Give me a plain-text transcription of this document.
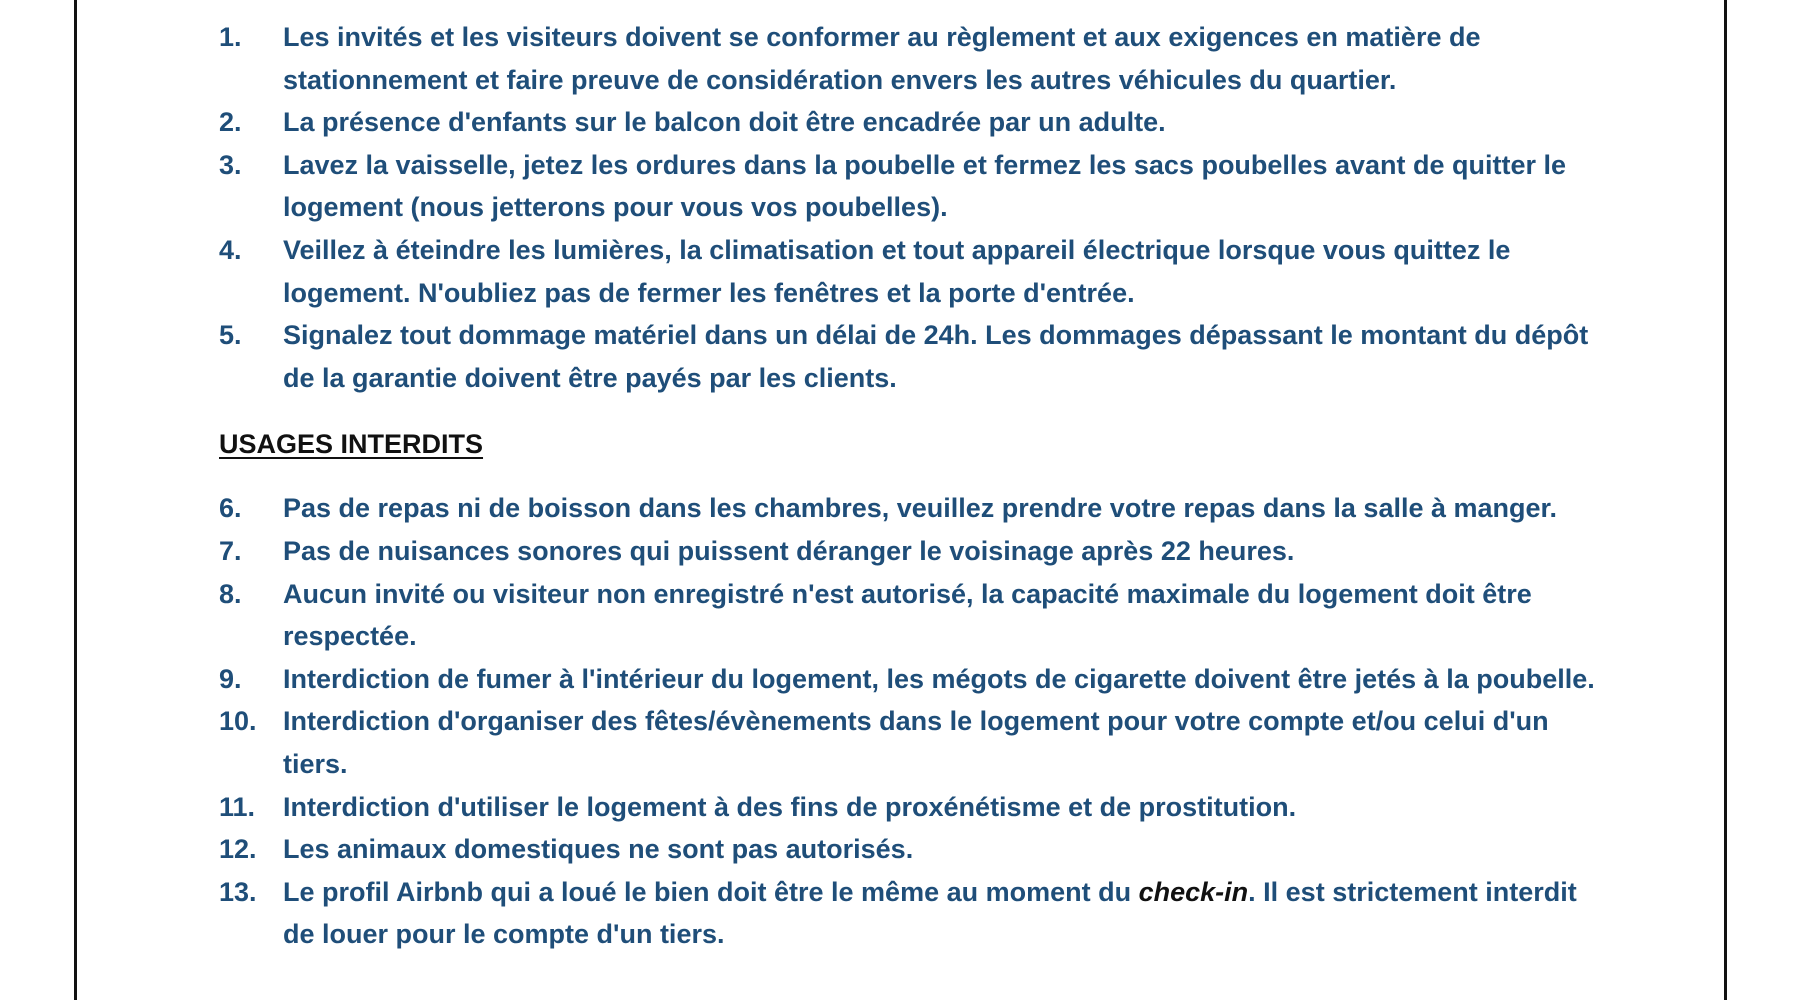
1.	Les invités et les visiteurs doivent se conformer au règlement et aux exigences en matière de stationnement et faire preuve de considération envers les autres véhicules du quartier.
2.	La présence d'enfants sur le balcon doit être encadrée par un adulte.
3.	Lavez la vaisselle, jetez les ordures dans la poubelle et fermez les sacs poubelles avant de quitter le logement (nous jetterons pour vous vos poubelles).
4.	Veillez à éteindre les lumières, la climatisation et tout appareil électrique lorsque vous quittez le logement. N'oubliez pas de fermer les fenêtres et la porte d'entrée.
5.	Signalez tout dommage matériel dans un délai de 24h. Les dommages dépassant le montant du dépôt de la garantie doivent être payés par les clients.
USAGES INTERDITS
6.	Pas de repas ni de boisson dans les chambres, veuillez prendre votre repas dans la salle à manger.
7.	Pas de nuisances sonores qui puissent déranger le voisinage après 22 heures.
8.	Aucun invité ou visiteur non enregistré n'est autorisé, la capacité maximale du logement doit être respectée.
9.	Interdiction de fumer à l'intérieur du logement, les mégots de cigarette doivent être jetés à la poubelle.
10. Interdiction d'organiser des fêtes/évènements dans le logement pour votre compte et/ou celui d'un tiers.
11.	Interdiction d'utiliser le logement à des fins de proxénétisme et de prostitution.
12. Les animaux domestiques ne sont pas autorisés.
13. Le profil Airbnb qui a loué le bien doit être le même au moment du check-in. Il est strictement interdit de louer pour le compte d'un tiers.
